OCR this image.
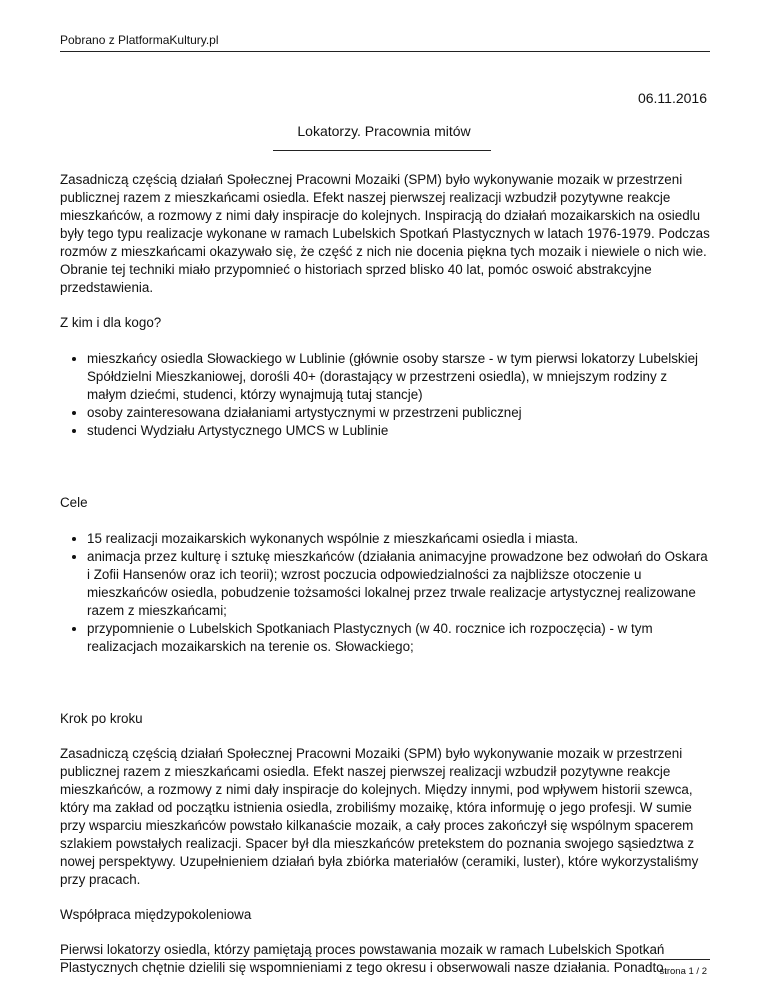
Pobrano z PlatformaKultury.pl
06.11.2016
Lokatorzy. Pracownia mitów

Zasadniczą częścią działań Społecznej Pracowni Mozaiki (SPM) było wykonywanie mozaik w przestrzeni publicznej razem z mieszkańcami osiedla. Efekt naszej pierwszej realizacji wzbudził pozytywne reakcje mieszkańców, a rozmowy z nimi dały inspiracje do kolejnych. Inspiracją do działań mozaikarskich na osiedlu były tego typu realizacje wykonane w ramach Lubelskich Spotkań Plastycznych w latach 1976-1979. Podczas rozmów z mieszkańcami okazywało się, że część z nich nie docenia piękna tych mozaik i niewiele o nich wie. Obranie tej techniki miało przypomnieć o historiach sprzed blisko 40 lat, pomóc oswoić abstrakcyjne przedstawienia.

Z kim i dla kogo?

• mieszkańcy osiedla Słowackiego w Lublinie (głównie osoby starsze - w tym pierwsi lokatorzy Lubelskiej Spółdzielni Mieszkaniowej, dorośli 40+ (dorastający w przestrzeni osiedla), w mniejszym rodziny z małym dziećmi, studenci, którzy wynajmują tutaj stancje)
• osoby zainteresowana działaniami artystycznymi w przestrzeni publicznej
• studenci Wydziału Artystycznego UMCS w Lublinie

Cele

• 15 realizacji mozaikarskich wykonanych wspólnie z mieszkańcami osiedla i miasta.
• animacja przez kulturę i sztukę mieszkańców (działania animacyjne prowadzone bez odwołań do Oskara i Zofii Hansenów oraz ich teorii); wzrost poczucia odpowiedzialności za najbliższe otoczenie u mieszkańców osiedla, pobudzenie tożsamości lokalnej przez trwale realizacje artystycznej realizowane razem z mieszkańcami;
• przypomnienie o Lubelskich Spotkaniach Plastycznych (w 40. rocznice ich rozpoczęcia) - w tym realizacjach mozaikarskich na terenie os. Słowackiego;

Krok po kroku

Zasadniczą częścią działań Społecznej Pracowni Mozaiki (SPM) było wykonywanie mozaik w przestrzeni publicznej razem z mieszkańcami osiedla. Efekt naszej pierwszej realizacji wzbudził pozytywne reakcje mieszkańców, a rozmowy z nimi dały inspiracje do kolejnych. Między innymi, pod wpływem historii szewca, który ma zakład od początku istnienia osiedla, zrobiliśmy mozaikę, która informuję o jego profesji. W sumie przy wsparciu mieszkańców powstało kilkanaście mozaik, a cały proces zakończył się wspólnym spacerem szlakiem powstałych realizacji. Spacer był dla mieszkańców pretekstem do poznania swojego sąsiedztwa z nowej perspektywy. Uzupełnieniem działań była zbiórka materiałów (ceramiki, luster), które wykorzystaliśmy przy pracach.

Współpraca międzypokoleniowa

Pierwsi lokatorzy osiedla, którzy pamiętają proces powstawania mozaik w ramach Lubelskich Spotkań Plastycznych chętnie dzielili się wspomnieniami z tego okresu i obserwowali nasze działania. Ponadto,

strona 1 / 2
